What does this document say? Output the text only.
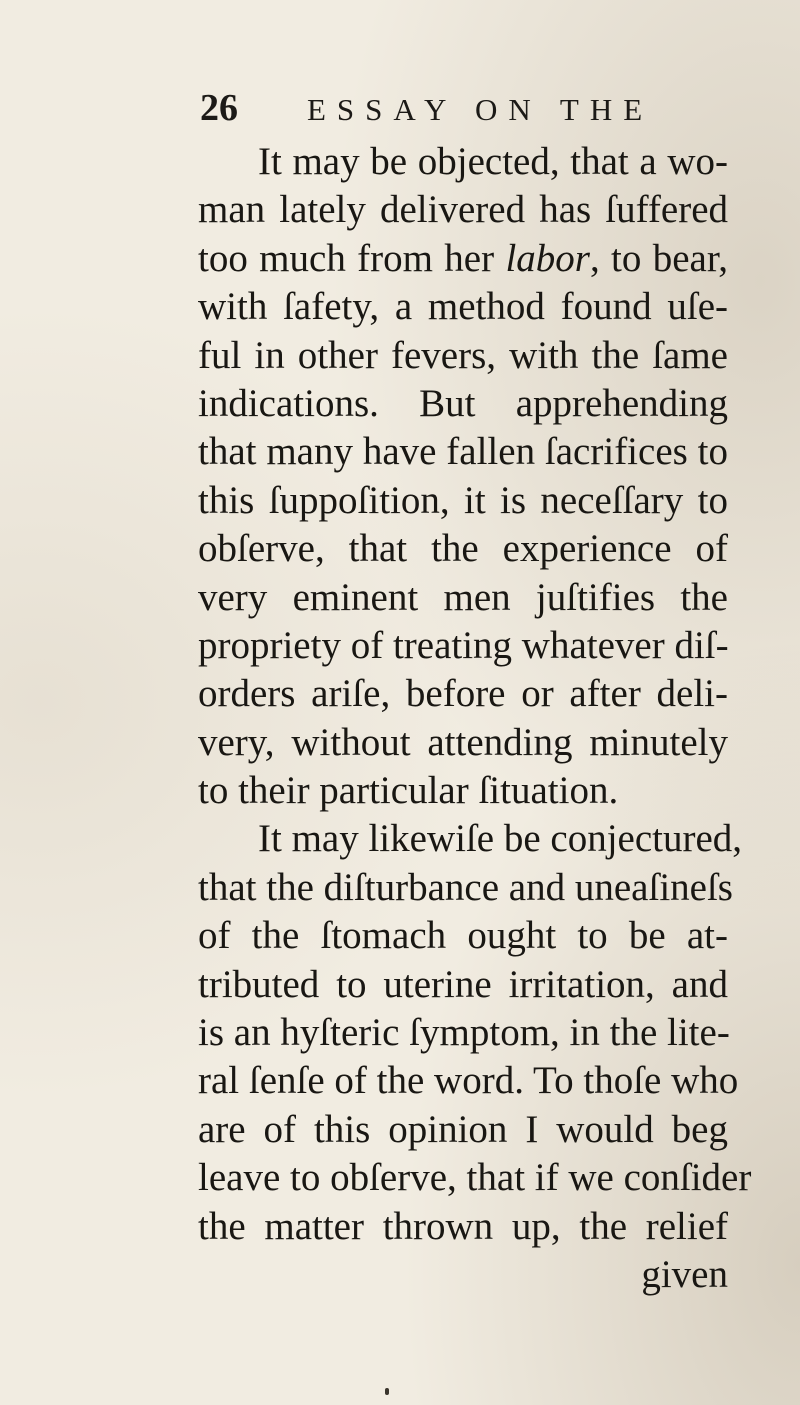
26 ESSAY ON THE
It may be objected, that a wo-
man lately delivered has ſuffered
too much from her labor, to bear,
with ſafety, a method found uſe-
ful in other fevers, with the ſame
indications. But apprehending
that many have fallen ſacrifices to
this ſuppoſition, it is neceſſary to
obſerve, that the experience of
very eminent men juſtifies the
propriety of treating whatever diſ-
orders ariſe, before or after deli-
very, without attending minutely
to their particular ſituation.
It may likewiſe be conjectured,
that the diſturbance and uneaſineſs
of the ſtomach ought to be at-
tributed to uterine irritation, and
is an hyſteric ſymptom, in the lite-
ral ſenſe of the word. To thoſe who
are of this opinion I would beg
leave to obſerve, that if we conſider
the matter thrown up, the relief
given
